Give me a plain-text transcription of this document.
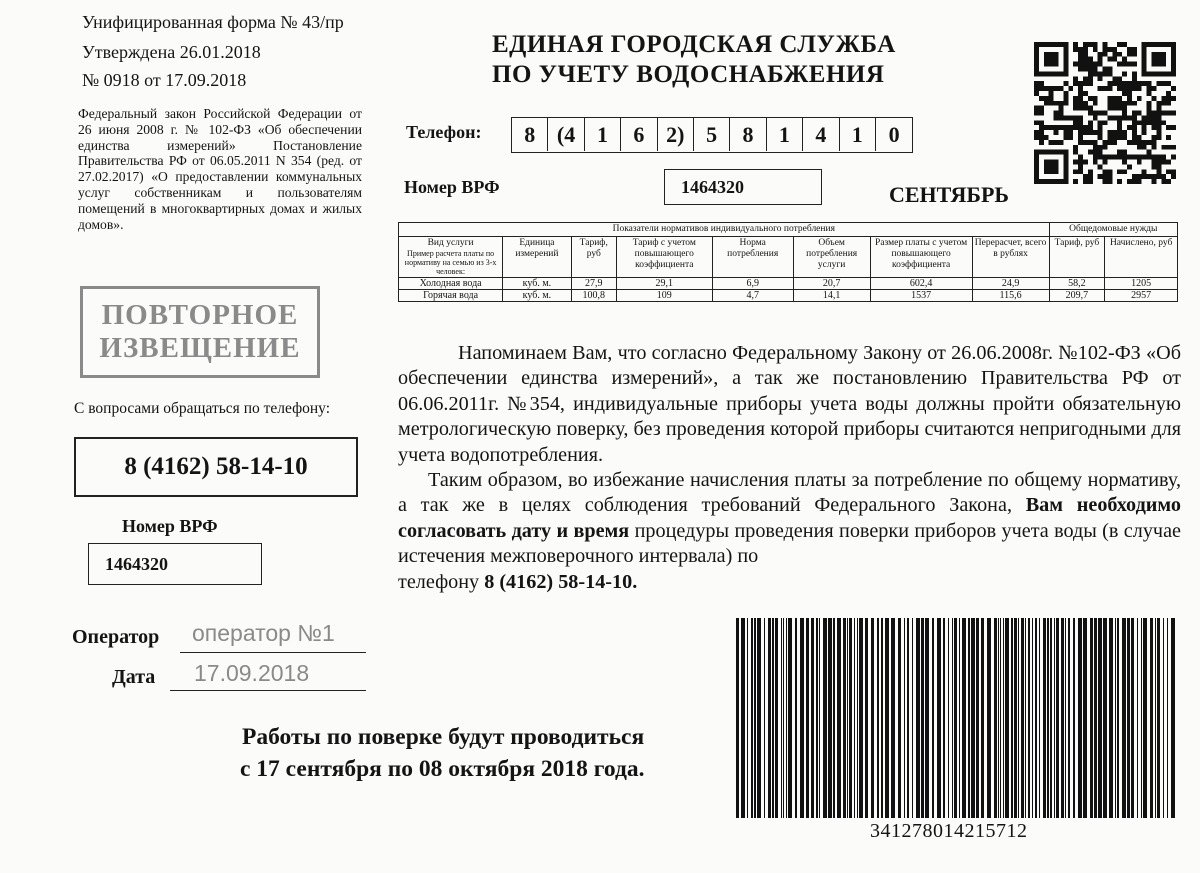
Унифицированная форма № 43/пр
Утверждена 26.01.2018
№ 0918 от 17.09.2018
Федеральный закон Российской Федерации от 26 июня 2008 г. № 102-ФЗ «Об обеспечении единства измерений» Постановление Правительства РФ от 06.05.2011 N 354 (ред. от 27.02.2017) «О предоставлении коммунальных услуг собственникам и пользователям помещений в многоквартирных домах и жилых домов».
ПОВТОРНОЕ
ИЗВЕЩЕНИЕ
С вопросами обращаться по телефону:
8 (4162) 58-14-10
Номер ВРФ
1464320
Оператор оператор №1
Дата 17.09.2018
Работы по поверке будут проводиться
с 17 сентября по 08 октября 2018 года.
ЕДИНАЯ ГОРОДСКАЯ СЛУЖБА
ПО УЧЕТУ ВОДОСНАБЖЕНИЯ
Телефон:	8 (4 1	6 2) 5	8	1	4	1	0
Номер ВРФ	1464320	СЕНТЯБРЬ
Показатели нормативов индивидуального потребления								Общедомовые нужды	

Вид услуги
Пример расчета платы по нормативу на семью из 3-х человек:	Единица измерений	Тариф, руб	Тариф с учетом повышающего коэффициента	Норма потребления	Объем потребления услуги	Размер платы с учетом повышающего коэффициента	Перерасчет, всего в рублях	Тариф, руб	Начислено, руб
Холодная вода	куб. м.	27,9	29,1	6,9	20,7	602,4	24,9	58,2	1205
Горячая вода	куб. м.	100,8	109	4,7	14,1	1537	115,6	209,7	2957

Напоминаем Вам, что согласно Федеральному Закону от 26.06.2008г. №102-ФЗ «Об обеспечении единства измерений», а так же постановлению Правительства РФ от 06.06.2011г. №354, индивидуальные приборы учета воды должны пройти обязательную метрологическую поверку, без проведения которой приборы считаются непригодными для учета водопотребления.

Таким образом, во избежание начисления платы за потребление по общему нормативу, а так же в целях соблюдения требований Федерального Закона, Вам необходимо согласовать дату и время процедуры проведения поверки приборов учета воды (в случае истечения межповерочного интервала) по

телефону 8 (4162) 58-14-10.
341278014215712
